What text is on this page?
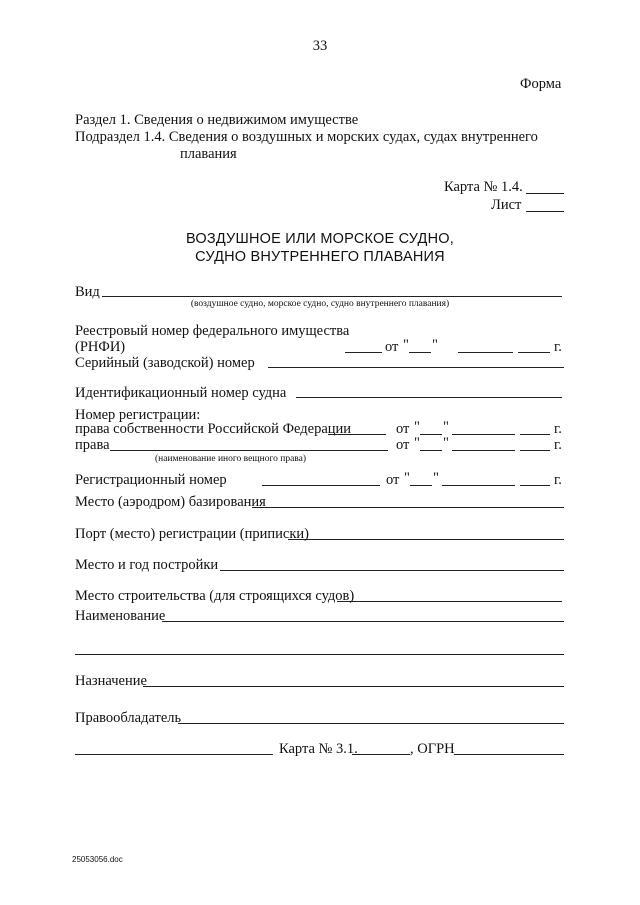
33
Форма
Раздел 1. Сведения о недвижимом имуществе
Подраздел 1.4. Сведения о воздушных и морских судах, судах внутреннего
плавания
Карта № 1.4.
Лист
ВОЗДУШНОЕ ИЛИ МОРСКОЕ СУДНО,
СУДНО ВНУТРЕННЕГО ПЛАВАНИЯ
Вид
(воздушное судно, морское судно, судно внутреннего плавания)
Реестровый номер федерального имущества
(РНФИ)	от " "	г.
Серийный (заводской) номер
Идентификационный номер судна
Номер регистрации:
права собственности Российской Федерации	от " "	г.
права	от " "	г.
(наименование иного вещного права)
Регистрационный номер	от " "	г.
Место (аэродром) базирования
Порт (место) регистрации (приписки)
Место и год постройки
Место строительства (для строящихся судов)
Наименование
Назначение
Правообладатель
Карта № 3.1.	, ОГРН
25053056.doc
